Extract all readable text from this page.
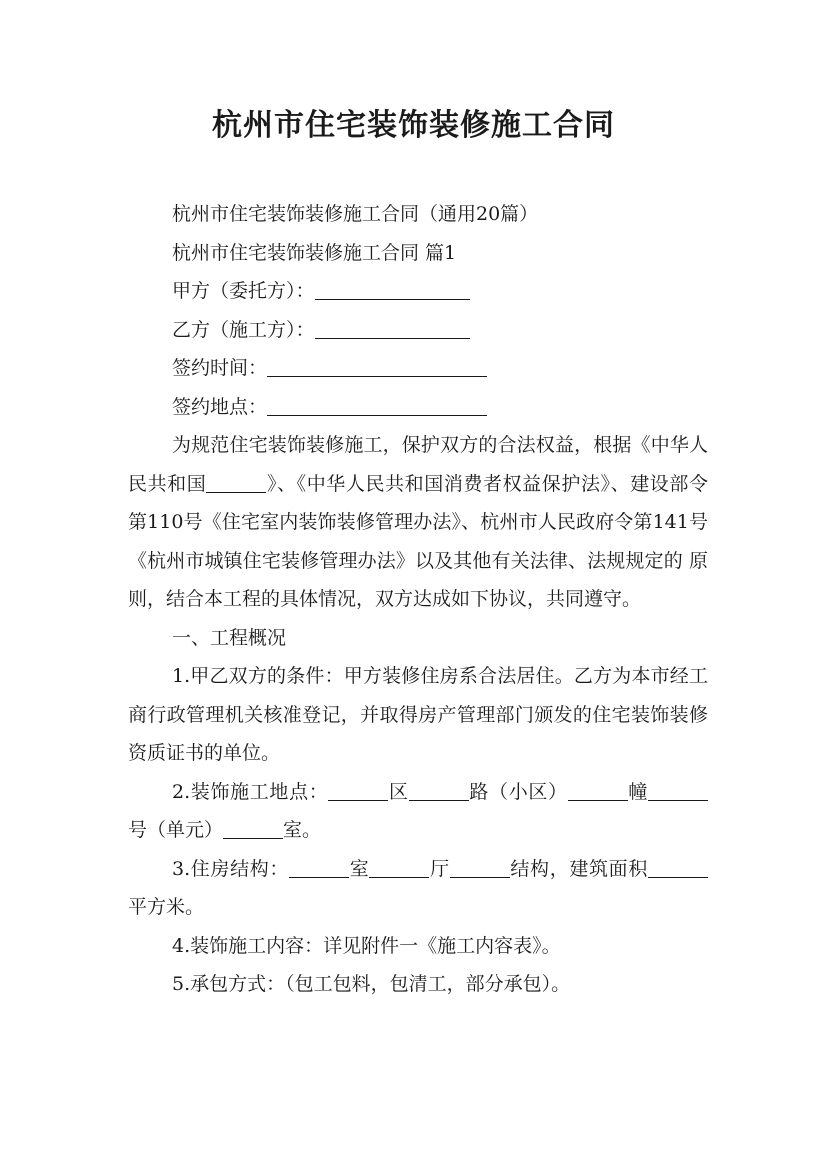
杭州市住宅装饰装修施工合同

杭州市住宅装饰装修施工合同（通用20篇）

杭州市住宅装饰装修施工合同 篇1

甲方（委托方）：

乙方（施工方）：

签约时间：

签约地点：

为规范住宅装饰装修施工，保护双方的合法权益，根据《中华人民共和国	》、《中华人民共和国消费者权益保护法》、建设部令第110号《住宅室内装饰装修管理办法》、杭州市人民政府令第141号《杭州市城镇住宅装修管理办法》以及其他有关法律、法规规定的 原则，结合本工程的具体情况，双方达成如下协议，共同遵守。

一、工程概况

1.甲乙双方的条件：甲方装修住房系合法居住。乙方为本市经工商行政管理机关核准登记，并取得房产管理部门颁发的住宅装饰装修资质证书的单位。

2.装饰施工地点：	区	路（小区）	幢号（单元）	室。

3.住房结构：	室	厅	结构，建筑面积平方米。

4.装饰施工内容：详见附件一《施工内容表》。

5.承包方式：（包工包料，包清工，部分承包）。
